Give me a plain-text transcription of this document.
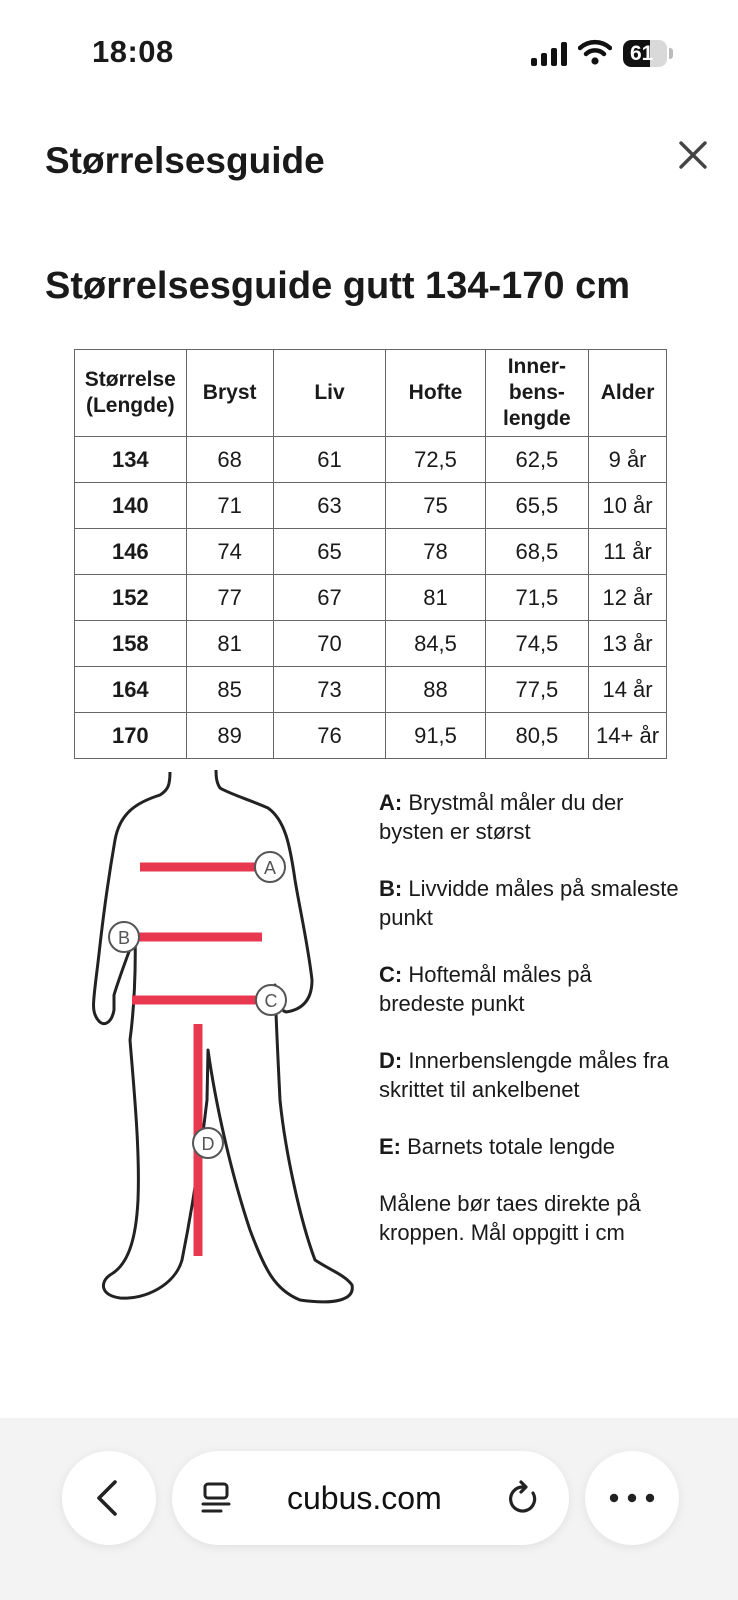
18:08	61
Størrelsesguide
Størrelsesguide gutt 134-170 cm
Størrelse
(Lengde)	Bryst	Liv	Hofte	Inner-
bens-
lengde	Alder

134	68	61	72,5	62,5	9 år
140	71	63	75	65,5	10 år
146	74	65	78	68,5	11 år
152	77	67	81	71,5	12 år
158	81	70	84,5	74,5	13 år
164	85	73	88	77,5	14 år
170	89	76	91,5	80,5	14+ år
A
B
C
D

A: Brystmål måler du der bysten er størst

B: Livvidde måles på smaleste punkt

C: Hoftemål måles på bredeste punkt

D: Innerbenslengde måles fra skrittet til ankelbenet

E: Barnets totale lengde

Målene bør taes direkte på kroppen. Mål oppgitt i cm

cubus.com
